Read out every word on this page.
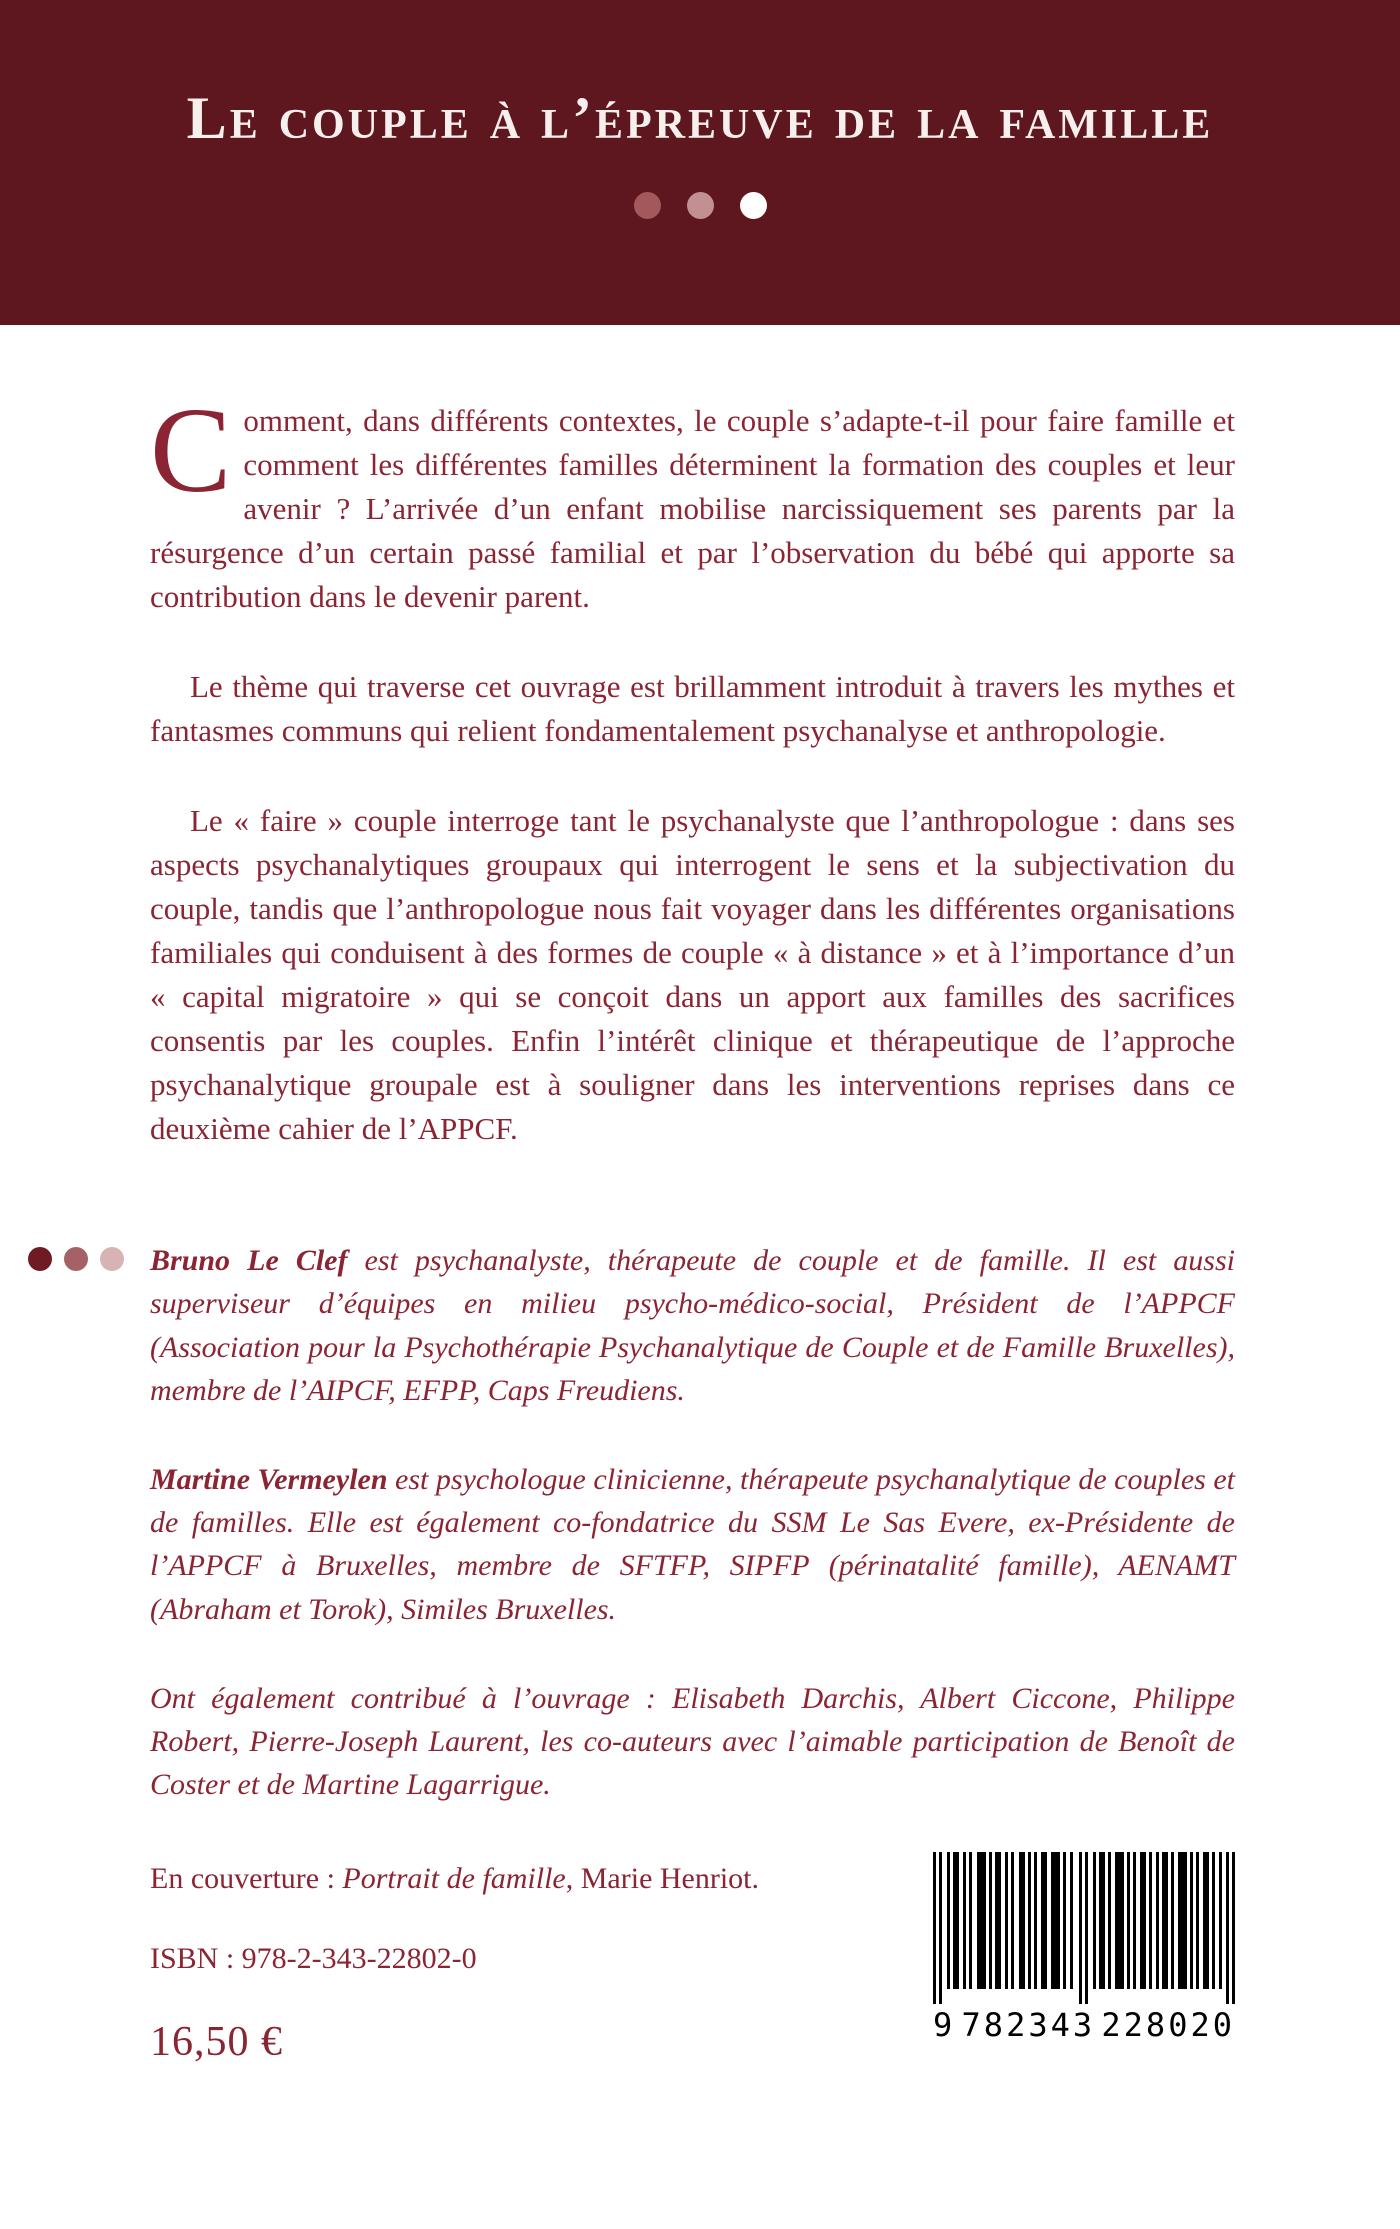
Le couple à l’épreuve de la famille

Comment, dans différents contextes, le couple s’adapte-t-il pour faire famille et comment les différentes familles déterminent la formation des couples et leur avenir ? L’arrivée d’un enfant mobilise narcissiquement ses parents par la résurgence d’un certain passé familial et par l’observation du bébé qui apporte sa contribution dans le devenir parent.

Le thème qui traverse cet ouvrage est brillamment introduit à travers les mythes et fantasmes communs qui relient fondamentalement psychanalyse et anthropologie.

Le « faire » couple interroge tant le psychanalyste que l’anthropologue : dans ses aspects psychanalytiques groupaux qui interrogent le sens et la subjectivation du couple, tandis que l’anthropologue nous fait voyager dans les différentes organisations familiales qui conduisent à des formes de couple « à distance » et à l’importance d’un « capital migratoire » qui se conçoit dans un apport aux familles des sacrifices consentis par les couples. Enfin l’intérêt clinique et thérapeutique de l’approche psychanalytique groupale est à souligner dans les interventions reprises dans ce deuxième cahier de l’APPCF.

Bruno Le Clef est psychanalyste, thérapeute de couple et de famille. Il est aussi superviseur d’équipes en milieu psycho-médico-social, Président de l’APPCF (Association pour la Psychothérapie Psychanalytique de Couple et de Famille Bruxelles), membre de l’AIPCF, EFPP, Caps Freudiens.

Martine Vermeylen est psychologue clinicienne, thérapeute psychanalytique de couples et de familles. Elle est également co-fondatrice du SSM Le Sas Evere, ex-Présidente de l’APPCF à Bruxelles, membre de SFTFP, SIPFP (périnatalité famille), AENAMT (Abraham et Torok), Similes Bruxelles.

Ont également contribué à l’ouvrage : Elisabeth Darchis, Albert Ciccone, Philippe Robert, Pierre-Joseph Laurent, les co-auteurs avec l’aimable participation de Benoît de Coster et de Martine Lagarrigue.

En couverture : Portrait de famille, Marie Henriot.

ISBN : 978-2-343-22802-0

16,50 €	9 782343 228020
